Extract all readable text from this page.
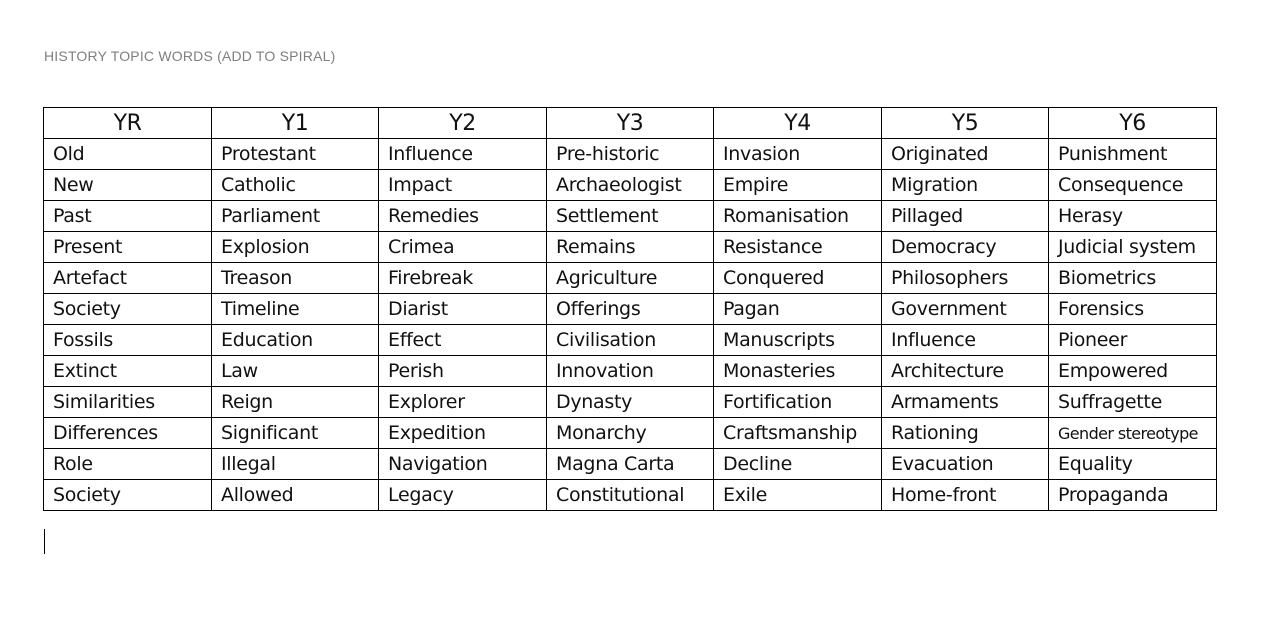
HISTORY TOPIC WORDS (ADD TO SPIRAL)
YR	Y1	Y2	Y3	Y4	Y5	Y6
Old	Protestant	Influence	Pre-historic	Invasion	Originated	Punishment
New	Catholic	Impact	Archaeologist	Empire	Migration	Consequence
Past	Parliament	Remedies	Settlement	Romanisation	Pillaged	Herasy
Present	Explosion	Crimea	Remains	Resistance	Democracy	Judicial system
Artefact	Treason	Firebreak	Agriculture	Conquered	Philosophers	Biometrics
Society	Timeline	Diarist	Offerings	Pagan	Government	Forensics
Fossils	Education	Effect	Civilisation	Manuscripts	Influence	Pioneer
Extinct	Law	Perish	Innovation	Monasteries	Architecture	Empowered
Similarities	Reign	Explorer	Dynasty	Fortification	Armaments	Suffragette
Differences	Significant	Expedition	Monarchy	Craftsmanship	Rationing	Gender stereotype
Role	Illegal	Navigation	Magna Carta	Decline	Evacuation	Equality
Society	Allowed	Legacy	Constitutional	Exile	Home-front	Propaganda
